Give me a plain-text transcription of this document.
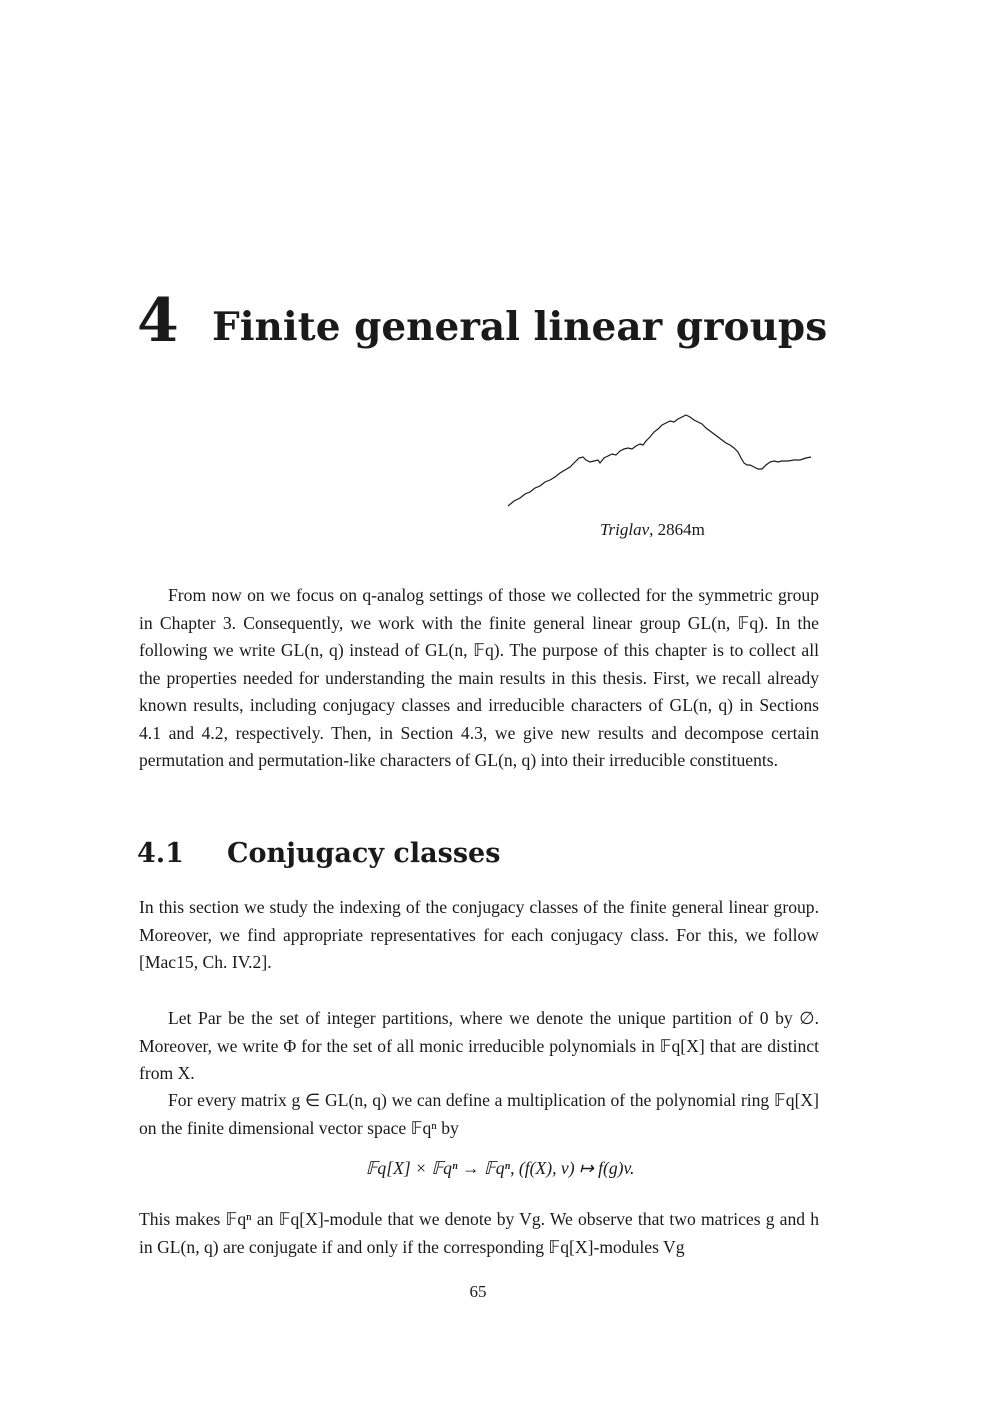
4 Finite general linear groups
Triglav, 2864m

From now on we focus on q-analog settings of those we collected for the symmetric group in Chapter 3. Consequently, we work with the finite general linear group GL(n, 𝔽q). In the following we write GL(n, q) instead of GL(n, 𝔽q). The purpose of this chapter is to collect all the properties needed for understanding the main results in this thesis. First, we recall already known results, including conjugacy classes and irreducible characters of GL(n, q) in Sections 4.1 and 4.2, respectively. Then, in Section 4.3, we give new results and decompose certain permutation and permutation-like characters of GL(n, q) into their irreducible constituents.

4.1 Conjugacy classes

In this section we study the indexing of the conjugacy classes of the finite general linear group. Moreover, we find appropriate representatives for each conjugacy class. For this, we follow [Mac15, Ch. IV.2].

Let Par be the set of integer partitions, where we denote the unique partition of 0 by ∅. Moreover, we write Φ for the set of all monic irreducible polynomials in 𝔽q[X] that are distinct from X.

For every matrix g ∈ GL(n, q) we can define a multiplication of the polynomial ring 𝔽q[X] on the finite dimensional vector space 𝔽qⁿ by

𝔽q[X] × 𝔽qⁿ → 𝔽qⁿ, (f(X), v) ↦ f(g)v.

This makes 𝔽qⁿ an 𝔽q[X]-module that we denote by Vg. We observe that two matrices g and h in GL(n, q) are conjugate if and only if the corresponding 𝔽q[X]-modules Vg

65
